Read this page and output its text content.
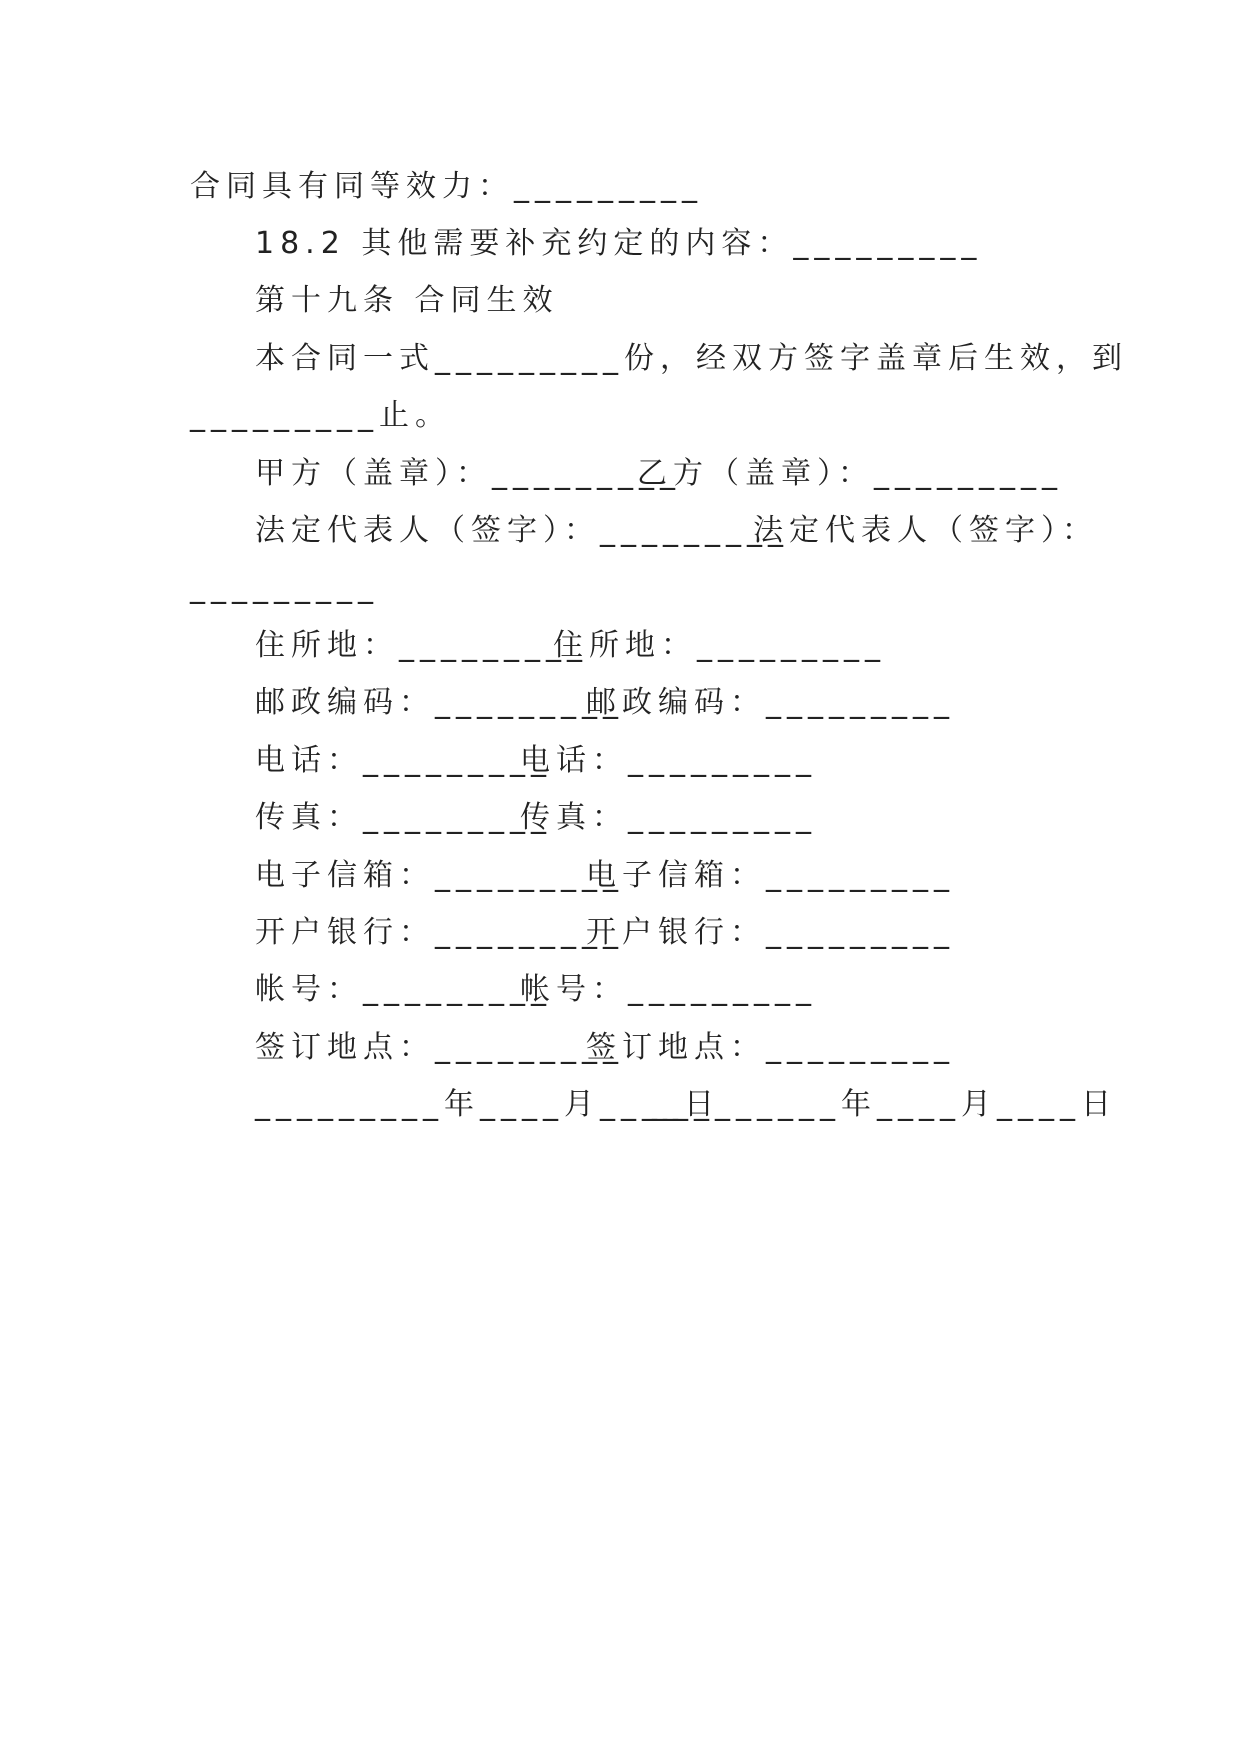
合同具有同等效力：_________
18.2 其他需要补充约定的内容：_________
第十九条 合同生效
本合同一式_________份，经双方签字盖章后生效，到
_________止。
甲方（盖章）：_________
乙方（盖章）：_________
法定代表人（签字）：_________
法定代表人（签字）：
_________
住所地：_________
住所地：_________
邮政编码：_________
邮政编码：_________
电话：_________
电话：_________
传真：_________
传真：_________
电子信箱：_________
电子信箱：_________
开户银行：_________
开户银行：_________
帐号：_________
帐号：_________
签订地点：_________
签订地点：_________
_________年____月____日
_________年____月____日
